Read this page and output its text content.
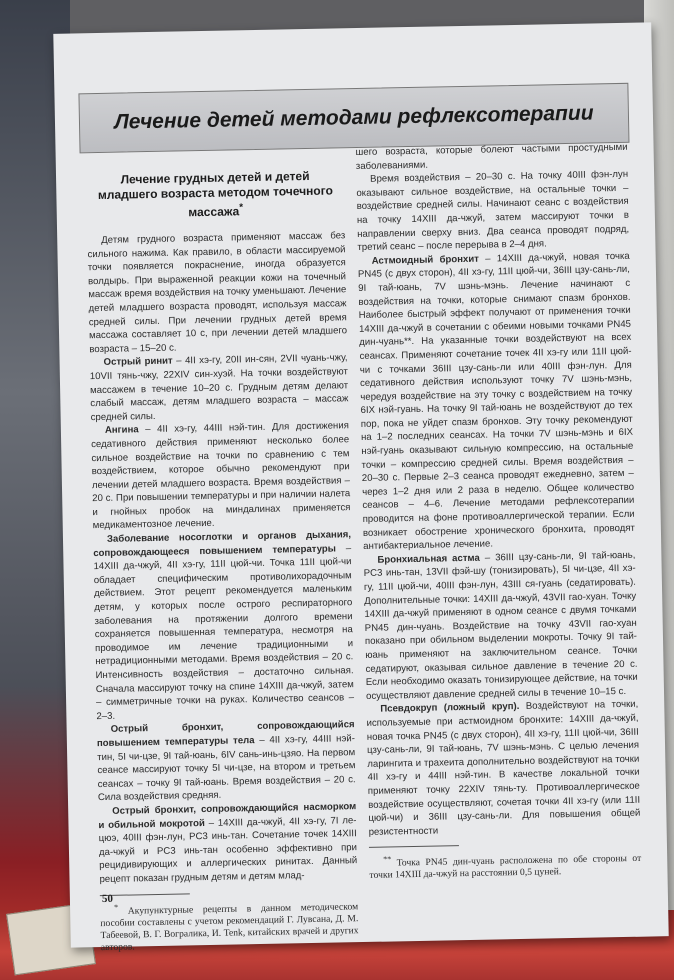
Лечение детей методами рефлексотерапии
Лечение грудных детей и детей младшего возраста методом точечного массажа*

Детям грудного возраста применяют массаж без сильного нажима. Как правило, в области массируемой точки появляется покраснение, иногда образуется волдырь. При выраженной реакции кожи на точечный массаж время воздействия на точку уменьшают. Лечение детей младшего возраста проводят, используя массаж средней силы. При лечении грудных детей время массажа составляет 10 с, при лечении детей младшего возраста – 15–20 с.

Острый ринит – 4II хэ-гу, 20II ин-сян, 2VII чуань-чжу, 10VII тянь-чжу, 22XIV син-хуэй. На точки воздействуют массажем в течение 10–20 с. Грудным детям делают слабый массаж, детям младшего возраста – массаж средней силы.

Ангина – 4II хэ-гу, 44III нэй-тин. Для достижения седативного действия применяют несколько более сильное воздействие на точки по сравнению с тем воздействием, которое обычно рекомендуют при лечении детей младшего возраста. Время воздействия – 20 с. При повышении температуры и при наличии налета и гнойных пробок на миндалинах применяется медикаментозное лечение.

Заболевание носоглотки и органов дыхания, сопровождающееся повышением температуры – 14XIII да-чжуй, 4II хэ-гу, 11II цюй-чи. Точка 11II цюй-чи обладает специфическим противолихорадочным действием. Этот рецепт рекомендуется маленьким детям, у которых после острого респираторного заболевания на протяжении долгого времени сохраняется повышенная температура, несмотря на проводимое им лечение традиционными и нетрадиционными методами. Время воздействия – 20 с. Интенсивность воздействия – достаточно сильная. Сначала массируют точку на спине 14XIII да-чжуй, затем – симметричные точки на руках. Количество сеансов – 2–3.

Острый бронхит, сопровождающийся повышением температуры тела – 4II хэ-гу, 44III нэй-тин, 5I чи-цзе, 9I тай-юань, 6IV сань-инь-цзяо. На первом сеансе массируют точку 5I чи-цзе, на втором и третьем сеансах – точку 9I тай-юань. Время воздействия – 20 с. Сила воздействия средняя.

Острый бронхит, сопровождающийся насморком и обильной мокротой – 14XIII да-чжуй, 4II хэ-гу, 7I ле-цюэ, 40III фэн-лун, PC3 инь-тан. Сочетание точек 14XIII да-чжуй и PC3 инь-тан особенно эффективно при рецидивирующих и аллергических ринитах. Данный рецепт показан грудным детям и детям млад-

* Акупунктурные рецепты в данном методическом пособии составлены с учетом рекомендаций Г. Лувсана, Д. М. Табеевой, В. Г. Вогралика, И. Tenk, китайских врачей и других авторов.

шего возраста, которые болеют частыми простудными заболеваниями.

Время воздействия – 20–30 с. На точку 40III фэн-лун оказывают сильное воздействие, на остальные точки – воздействие средней силы. Начинают сеанс с воздействия на точку 14XIII да-чжуй, затем массируют точки в направлении сверху вниз. Два сеанса проводят подряд, третий сеанс – после перерыва в 2–4 дня.

Астмоидный бронхит – 14XIII да-чжуй, новая точка PN45 (с двух сторон), 4II хэ-гу, 11II цюй-чи, 36III цзу-сань-ли, 9I тай-юань, 7V шэнь-мэнь. Лечение начинают с воздействия на точки, которые снимают спазм бронхов. Наиболее быстрый эффект получают от применения точки 14XIII да-чжуй в сочетании с обеими новыми точками PN45 дин-чуань**. На указанные точки воздействуют на всех сеансах. Применяют сочетание точек 4II хэ-гу или 11II цюй-чи с точками 36III цзу-сань-ли или 40III фэн-лун. Для седативного действия используют точку 7V шэнь-мэнь, чередуя воздействие на эту точку с воздействием на точку 6IX нэй-гуань. На точку 9I тай-юань не воздействуют до тех пор, пока не уйдет спазм бронхов. Эту точку рекомендуют на 1–2 последних сеансах. На точки 7V шэнь-мэнь и 6IX нэй-гуань оказывают сильную компрессию, на остальные точки – компрессию средней силы. Время воздействия – 20–30 с. Первые 2–3 сеанса проводят ежедневно, затем – через 1–2 дня или 2 раза в неделю. Общее количество сеансов – 4–6. Лечение методами рефлексотерапии проводится на фоне противоаллергической терапии. Если возникает обострение хронического бронхита, проводят антибактериальное лечение.

Бронхиальная астма – 36III цзу-сань-ли, 9I тай-юань, PC3 инь-тан, 13VII фэй-шу (тонизировать), 5I чи-цзе, 4II хэ-гу, 11II цюй-чи, 40III фэн-лун, 43III ся-гуань (седатировать). Дополнительные точки: 14XIII да-чжуй, 43VII гао-хуан. Точку 14XIII да-чжуй применяют в одном сеансе с двумя точками PN45 дин-чуань. Воздействие на точку 43VII гао-хуан показано при обильном выделении мокроты. Точку 9I тай-юань применяют на заключительном сеансе. Точки седатируют, оказывая сильное давление в течение 20 с. Если необходимо оказать тонизирующее действие, на точки осуществляют давление средней силы в течение 10–15 с.

Псевдокруп (ложный круп). Воздействуют на точки, используемые при астмоидном бронхите: 14XIII да-чжуй, новая точка PN45 (с двух сторон), 4II хэ-гу, 11II цюй-чи, 36III цзу-сань-ли, 9I тай-юань, 7V шэнь-мэнь. С целью лечения ларингита и трахеита дополнительно воздействуют на точки 4II хэ-гу и 44III нэй-тин. В качестве локальной точки применяют точку 22XIV тянь-ту. Противоаллергическое воздействие осуществляют, сочетая точки 4II хэ-гу (или 11II цюй-чи) и 36III цзу-сань-ли. Для повышения общей резистентности

** Точка PN45 дин-чуань расположена по обе стороны от точки 14XIII да-чжуй на расстоянии 0,5 цуней.

50
